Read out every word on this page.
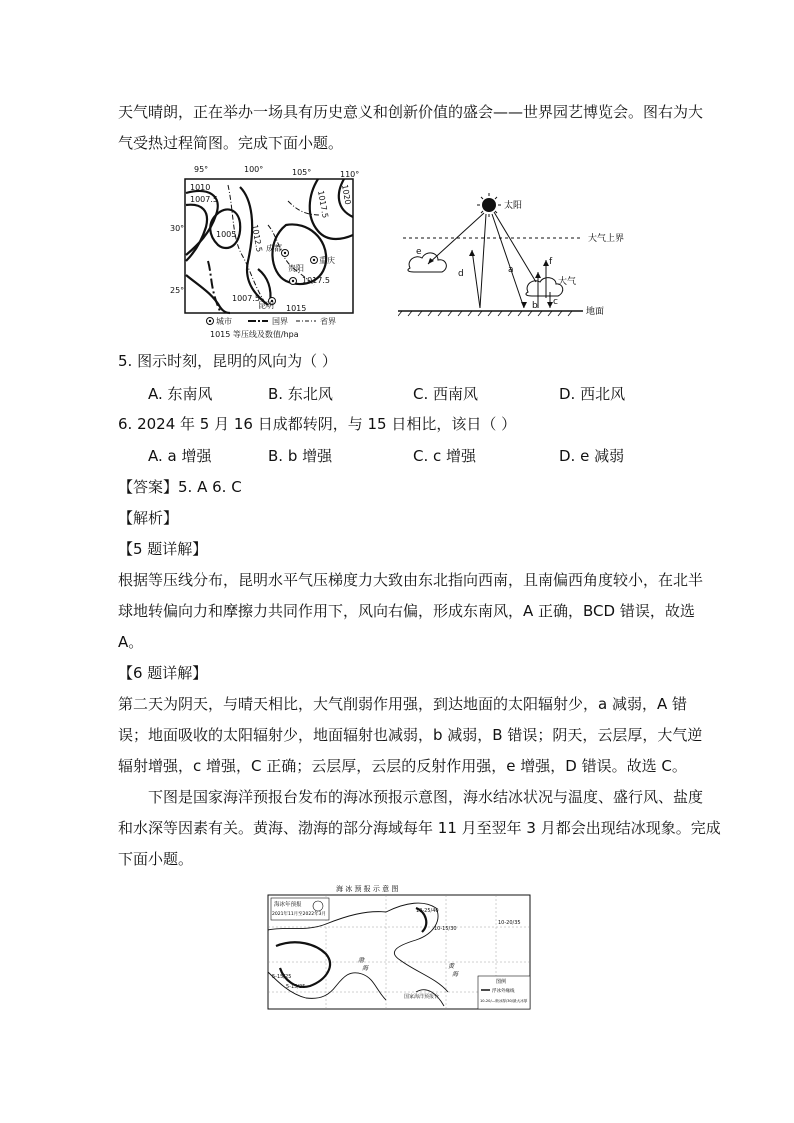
天气晴朗，正在举办一场具有历史意义和创新价值的盛会——世界园艺博览会。图右为大
气受热过程简图。完成下面小题。
95°	100°	105°	110°
30°
25°
1010
1007.5
1005 1012.5
1017.5 1020
1017.5
1007.5
1015
成都
重庆
贵阳
昆明
城市	国界	省界
1015 等压线及数值/hpa
太阳
大气上界
大气
地面
e
d	a
b c
f
5. 图示时刻，昆明的风向为（ ）
A. 东南风	B. 东北风	C. 西南风	D. 西北风
6. 2024 年 5 月 16 日成都转阴，与 15 日相比，该日（ ）
A. a 增强	B. b 增强	C. c 增强	D. e 减弱
【答案】5. A 6. C
【解析】
【5 题详解】
根据等压线分布，昆明水平气压梯度力大致由东北指向西南，且南偏西角度较小，在北半
球地转偏向力和摩擦力共同作用下，风向右偏，形成东南风，A 正确，BCD 错误，故选
A。
【6 题详解】
第二天为阴天，与晴天相比，大气削弱作用强，到达地面的太阳辐射少，a 减弱，A 错
误；地面吸收的太阳辐射少，地面辐射也减弱，b 减弱，B 错误；阴天，云层厚，大气逆
辐射增强，c 增强，C 正确；云层厚，云层的反射作用强，e 增强，D 错误。故选 C。
下图是国家海洋预报台发布的海冰预报示意图，海水结冰状况与温度、盛行风、盐度
和水深等因素有关。黄海、渤海的部分海域每年 11 月至翌年 3 月都会出现结冰现象。完成
下面小题。
海 冰 预 报 示 意 图
海冰年预报
2021年11月至2022年3月
10-25/40
10-15/30
10-20/35
5-15/25
5-15/25
国家海洋预报台
渤
海	黄
海
图例
浮冰外缘线
10-20/—般冰厚/30/最大冰厚
